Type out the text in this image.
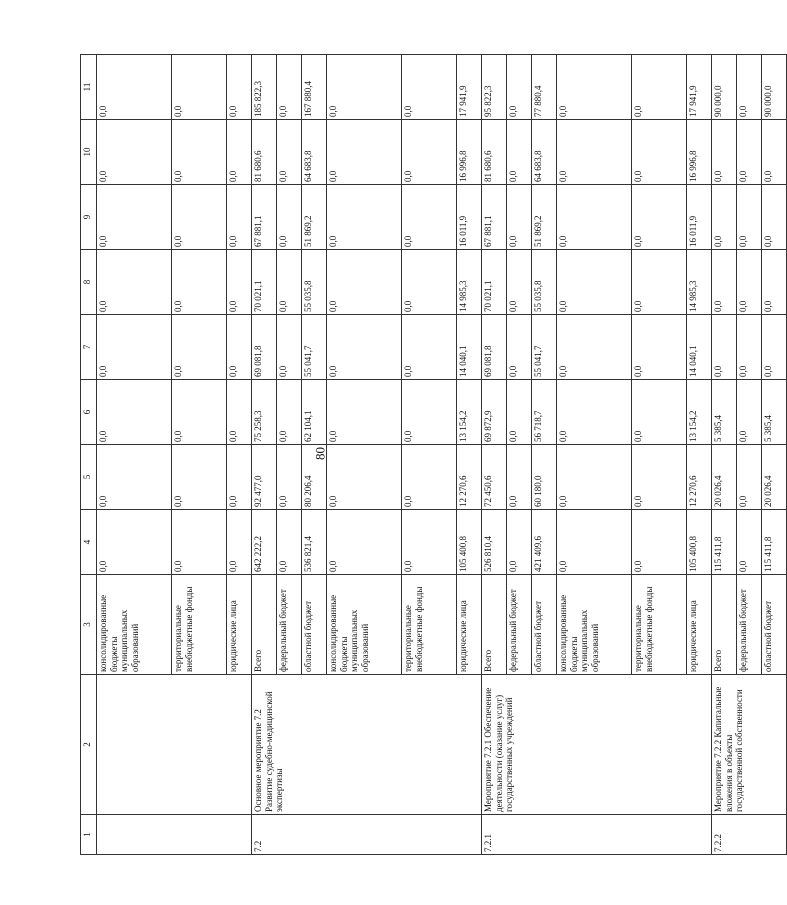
80
1	2	3	4	5	6	7	8	9	10	11
		консолидированные бюджеты муниципальных образований	0,0	0,0	0,0	0,0	0,0	0,0	0,0	0,0
		территориальные внебюджетные фонды	0,0	0,0	0,0	0,0	0,0	0,0	0,0	0,0
		юридические лица	0,0	0,0	0,0	0,0	0,0	0,0	0,0	0,0
7.2	Основное мероприятие 7.2 Развитие судебно-медицинской экспертизы	Всего	642 222,2	92 477,0	75 258,3	69 081,8	70 021,1	67 881,1	81 680,6	185 822,3
		федеральный бюджет	0,0	0,0	0,0	0,0	0,0	0,0	0,0	0,0
		областной бюджет	536 821,4	80 206,4	62 104,1	55 041,7	55 035,8	51 869,2	64 683,8	167 880,4
		консолидированные бюджеты муниципальных образований	0,0	0,0	0,0	0,0	0,0	0,0	0,0	0,0
		территориальные внебюджетные фонды	0,0	0,0	0,0	0,0	0,0	0,0	0,0	0,0
		юридические лица	105 400,8	12 270,6	13 154,2	14 040,1	14 985,3	16 011,9	16 996,8	17 941,9
7.2.1	Мероприятие 7.2.1 Обеспечение деятельности (оказание услуг) государственных учреждений	Всего	526 810,4	72 450,6	69 872,9	69 081,8	70 021,1	67 881,1	81 680,6	95 822,3
		федеральный бюджет	0,0	0,0	0,0	0,0	0,0	0,0	0,0	0,0
		областной бюджет	421 409,6	60 180,0	56 718,7	55 041,7	55 035,8	51 869,2	64 683,8	77 880,4
		консолидированные бюджеты муниципальных образований	0,0	0,0	0,0	0,0	0,0	0,0	0,0	0,0
		территориальные внебюджетные фонды	0,0	0,0	0,0	0,0	0,0	0,0	0,0	0,0
		юридические лица	105 400,8	12 270,6	13 154,2	14 040,1	14 985,3	16 011,9	16 996,8	17 941,9
7.2.2	Мероприятие 7.2.2 Капитальные вложения в объекты государственной собственности	Всего	115 411,8	20 026,4	5 385,4	0,0	0,0	0,0	0,0	90 000,0
		федеральный бюджет	0,0	0,0	0,0	0,0	0,0	0,0	0,0	0,0
		областной бюджет	115 411,8	20 026,4	5 385,4	0,0	0,0	0,0	0,0	90 000,0
